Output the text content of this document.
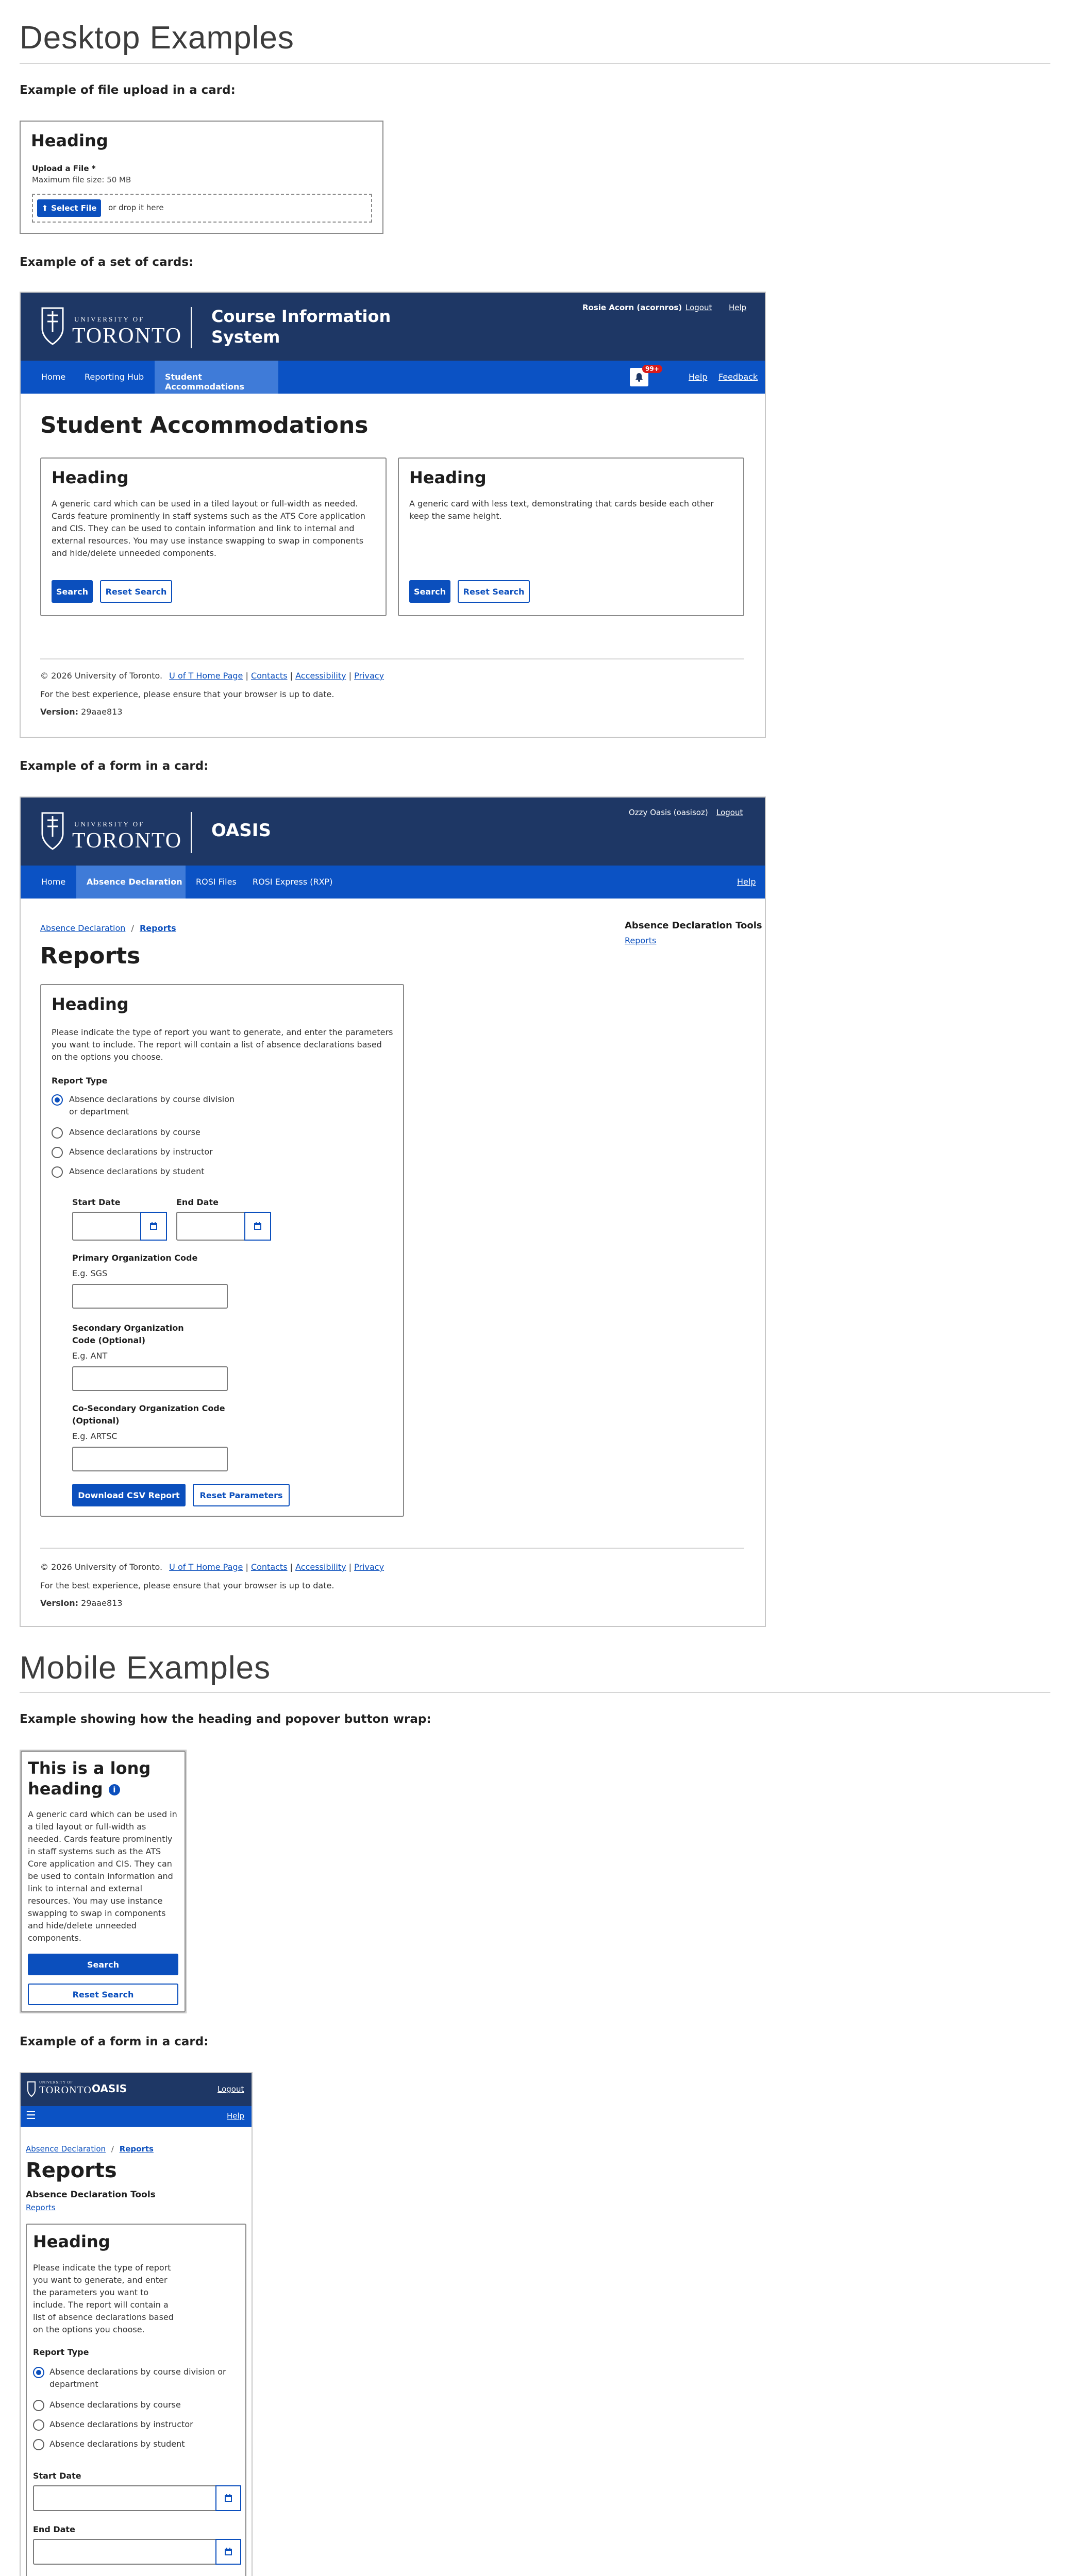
Desktop Examples
Example of file upload in a card:
Heading
Upload a File *
Maximum file size: 50 MB
⬆ Select File or drop it here
Example of a set of cards:
UNIVERSITY OF
TORONTO
Course Information
System
Rosie Acorn (acornros) Logout Help
Home Reporting Hub	Student Accommodations
99+
Help Feedback
Student Accommodations
Heading
A generic card which can be used in a tiled layout or full-width as needed. Cards feature prominently in staff systems such as the ATS Core application and CIS. They can be used to contain information and link to internal and external resources. You may use instance swapping to swap in components and hide/delete unneeded components.
Search	Reset Search
Heading
A generic card with less text, demonstrating that cards beside each other keep the same height.
Search	Reset Search
© 2026 University of Toronto. U of T Home Page | Contacts | Accessibility | Privacy
For the best experience, please ensure that your browser is up to date.
Version: 29aae813
Example of a form in a card:
UNIVERSITY OF
TORONTO OASIS
Ozzy Oasis (oasisoz) Logout
Home	Absence Declaration ROSI Files ROSI Express (RXP)	Help
Absence Declaration / Reports
Reports
Absence Declaration Tools
Reports
Heading
Please indicate the type of report you want to generate, and enter the parameters you want to include. The report will contain a list of absence declarations based on the options you choose.
Report Type
Absence declarations by course division or department
Absence declarations by course
Absence declarations by instructor
Absence declarations by student
Start Date	End Date
Primary Organization Code
E.g. SGS
Secondary Organization Code (Optional)
E.g. ANT
Co-Secondary Organization Code (Optional)
E.g. ARTSC
Download CSV Report	Reset Parameters
© 2026 University of Toronto. U of T Home Page | Contacts | Accessibility | Privacy
For the best experience, please ensure that your browser is up to date.
Version: 29aae813
Mobile Examples
Example showing how the heading and popover button wrap:
This is a long heading i
A generic card which can be used in a tiled layout or full-width as needed. Cards feature prominently in staff systems such as the ATS Core application and CIS. They can be used to contain information and link to internal and external resources. You may use instance swapping to swap in components and hide/delete unneeded components.
Search
Reset Search
Example of a form in a card:
UNIVERSITY OF
TORONTO OASIS	Logout
☰	Help
Absence Declaration / Reports
Reports
Absence Declaration Tools
Reports
Heading
Please indicate the type of report you want to generate, and enter the parameters you want to include. The report will contain a list of absence declarations based on the options you choose.
Report Type
Absence declarations by course division or department
Absence declarations by course
Absence declarations by instructor
Absence declarations by student
Start Date
End Date
